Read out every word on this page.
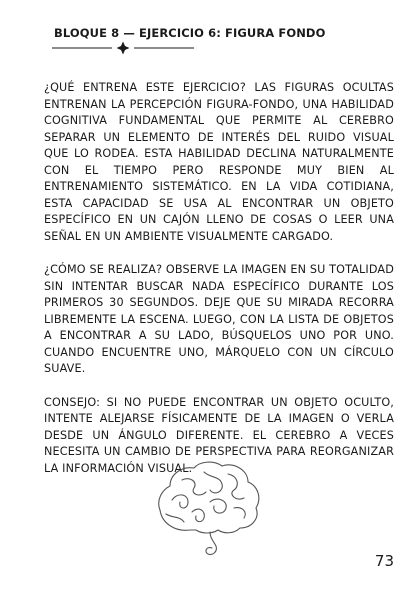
BLOQUE 8 — EJERCICIO 6: FIGURA FONDO

¿QUÉ ENTRENA ESTE EJERCICIO? LAS FIGURAS OCULTAS ENTRENAN LA PERCEPCIÓN FIGURA-FONDO, UNA HABILIDAD COGNITIVA FUNDAMENTAL QUE PERMITE AL CEREBRO SEPARAR UN ELEMENTO DE INTERÉS DEL RUIDO VISUAL QUE LO RODEA. ESTA HABILIDAD DECLINA NATURALMENTE CON EL TIEMPO PERO RESPONDE MUY BIEN AL ENTRENAMIENTO SISTEMÁTICO. EN LA VIDA COTIDIANA, ESTA CAPACIDAD SE USA AL ENCONTRAR UN OBJETO ESPECÍFICO EN UN CAJÓN LLENO DE COSAS O LEER UNA SEÑAL EN UN AMBIENTE VISUALMENTE CARGADO.

¿CÓMO SE REALIZA? OBSERVE LA IMAGEN EN SU TOTALIDAD SIN INTENTAR BUSCAR NADA ESPECÍFICO DURANTE LOS PRIMEROS 30 SEGUNDOS. DEJE QUE SU MIRADA RECORRA LIBREMENTE LA ESCENA. LUEGO, CON LA LISTA DE OBJETOS A ENCONTRAR A SU LADO, BÚSQUELOS UNO POR UNO. CUANDO ENCUENTRE UNO, MÁRQUELO CON UN CÍRCULO SUAVE.

CONSEJO: SI NO PUEDE ENCONTRAR UN OBJETO OCULTO, INTENTE ALEJARSE FÍSICAMENTE DE LA IMAGEN O VERLA DESDE UN ÁNGULO DIFERENTE. EL CEREBRO A VECES NECESITA UN CAMBIO DE PERSPECTIVA PARA REORGANIZAR LA INFORMACIÓN VISUAL.

73
